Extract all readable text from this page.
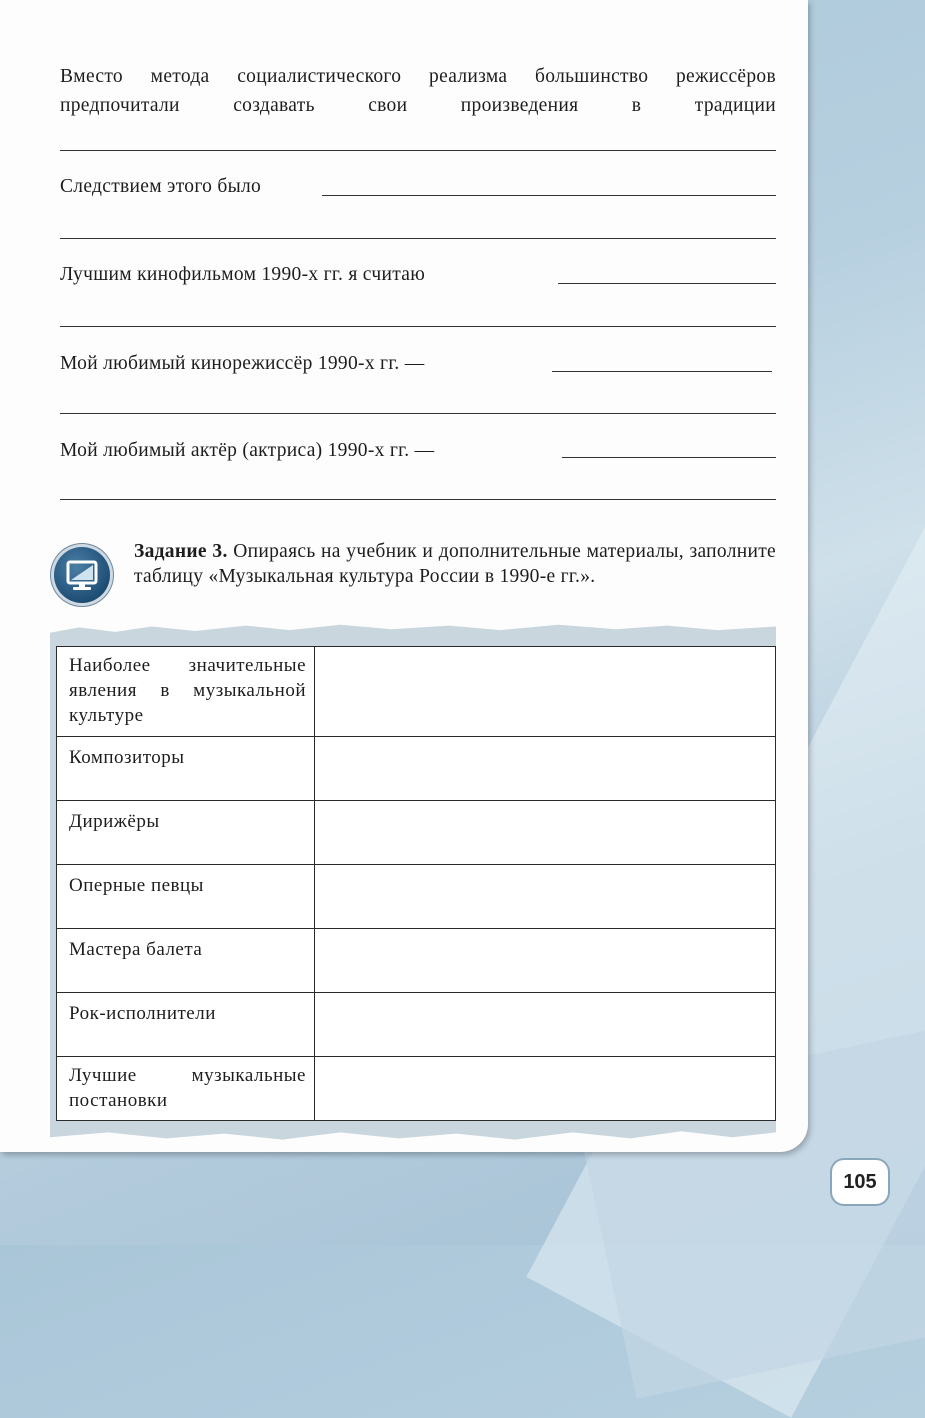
Вместо метода социалистического реализма большинство режиссёров предпочитали создавать свои произведения в традиции
Следствием этого было
Лучшим кинофильмом 1990-х гг. я считаю
Мой любимый кинорежиссёр 1990-х гг. —
Мой любимый актёр (актриса) 1990-х гг. —
Задание 3. Опираясь на учебник и дополнительные материалы, заполните таблицу «Музыкальная культура России в 1990-е гг.».
Наиболее значительные явления в музыкальной культуре	
Композиторы	
Дирижёры	
Оперные певцы	
Мастера балета	
Рок-исполнители	
Лучшие музыкальные постановки	
105
